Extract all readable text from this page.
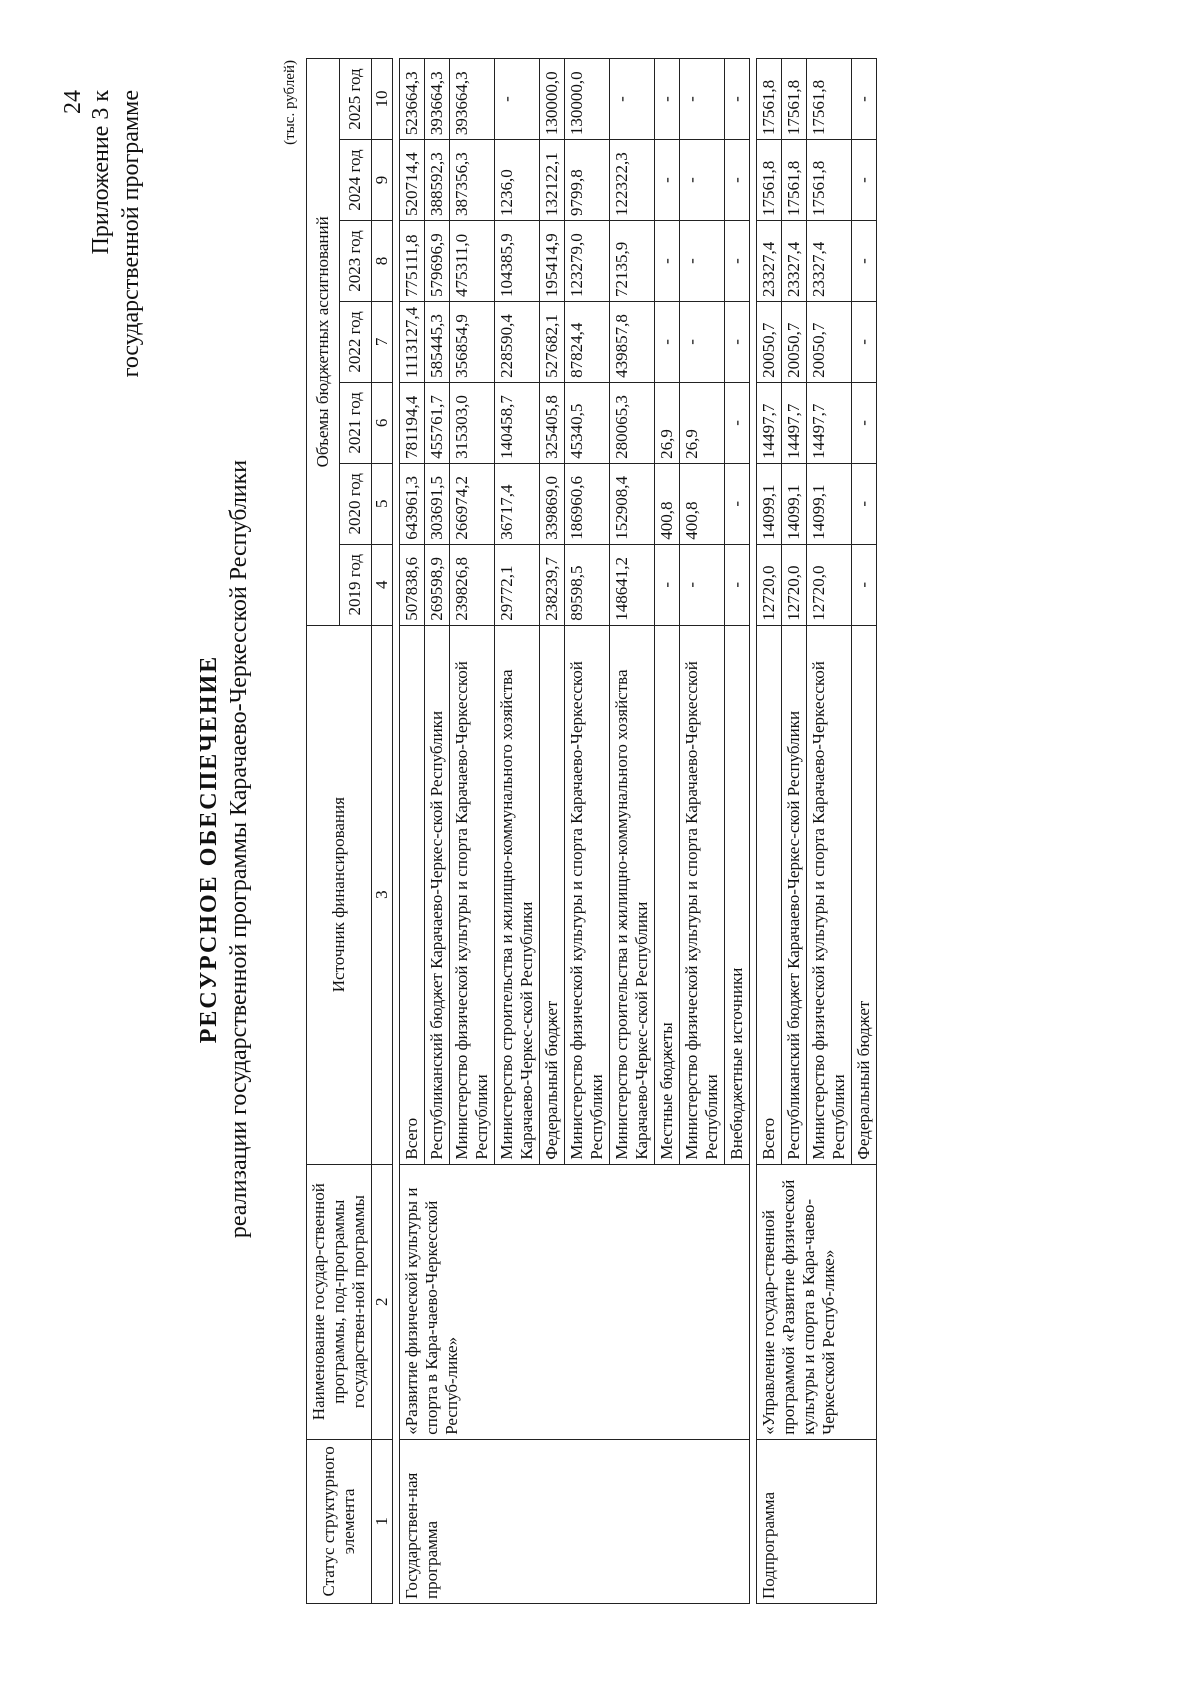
24 Приложение 3 к государственной программе
РЕСУРСНОЕ ОБЕСПЕЧЕНИЕ реализации государственной программы Карачаево-Черкесской Республики
(тыс. рублей)
Статус структурного элемента	Наименование государ-ственной программы, под-программы государствен-ной программы	Источник финансирования	Объемы бюджетных ассигнований						
			2019 год	2020 год	2021 год	2022 год	2023 год	2024 год	2025 год
1	2	3	4	5	6	7	8	9	10

Государствен-ная программа	«Развитие физической культуры и спорта в Кара-чаево-Черкесской Респуб-лике»	Всего	507838,6	643961,3	781194,4	1113127,4	775111,8	520714,4	523664,3
		Республиканский бюджет Карачаево-Черкес-ской Республики	269598,9	303691,5	455761,7	585445,3	579696,9	388592,3	393664,3
		Министерство физической культуры и спорта Карачаево-Черкесской Республики	239826,8	266974,2	315303,0	356854,9	475311,0	387356,3	393664,3
		Министерство строительства и жилищно-коммунального хозяйства Карачаево-Черкес-ской Республики	29772,1	36717,4	140458,7	228590,4	104385,9	1236,0	-
		Федеральный бюджет	238239,7	339869,0	325405,8	527682,1	195414,9	132122,1	130000,0
		Министерство физической культуры и спорта Карачаево-Черкесской Республики	89598,5	186960,6	45340,5	87824,4	123279,0	9799,8	130000,0
		Министерство строительства и жилищно-коммунального хозяйства Карачаево-Черкес-ской Республики	148641,2	152908,4	280065,3	439857,8	72135,9	122322,3	-
		Местные бюджеты	-	400,8	26,9	-	-	-	-
		Министерство физической культуры и спорта Карачаево-Черкесской Республики	-	400,8	26,9	-	-	-	-
		Внебюджетные источники	-	-	-	-	-	-	-

Подпрограмма	«Управление государ-ственной программой «Развитие физической культуры и спорта в Кара-чаево-Черкесской Респуб-лике»	Всего	12720,0	14099,1	14497,7	20050,7	23327,4	17561,8	17561,8
		Республиканский бюджет Карачаево-Черкес-ской Республики	12720,0	14099,1	14497,7	20050,7	23327,4	17561,8	17561,8
		Министерство физической культуры и спорта Карачаево-Черкесской Республики	12720,0	14099,1	14497,7	20050,7	23327,4	17561,8	17561,8
		Федеральный бюджет	-	-	-	-	-	-	-
